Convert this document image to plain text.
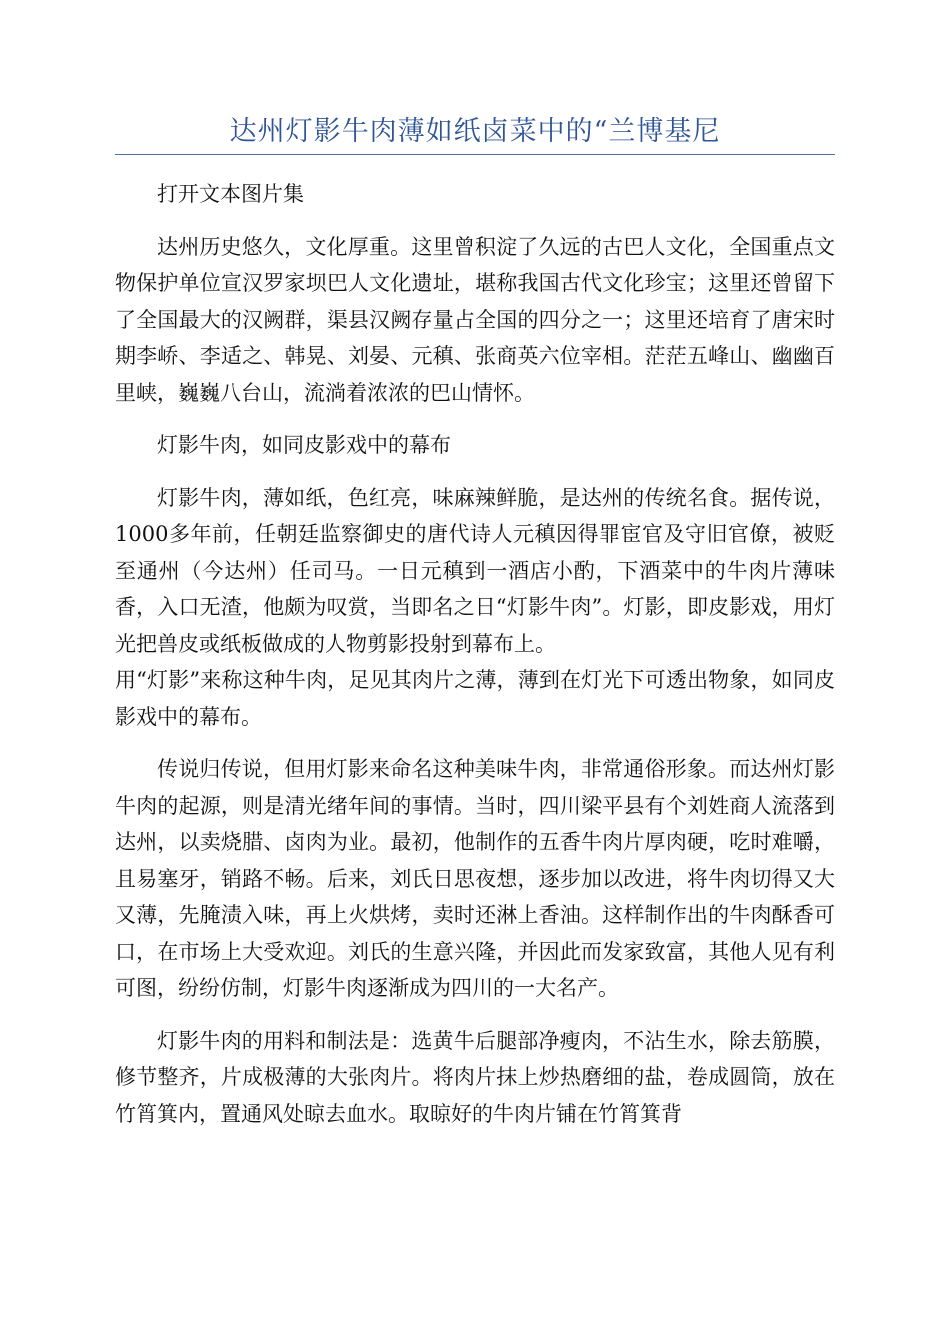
达州灯影牛肉薄如纸卤菜中的“兰博基尼

打开文本图片集

达州历史悠久，文化厚重。这里曾积淀了久远的古巴人文化，全国重点文物保护单位宣汉罗家坝巴人文化遗址，堪称我国古代文化珍宝；这里还曾留下了全国最大的汉阙群，渠县汉阙存量占全国的四分之一；这里还培育了唐宋时期李峤、李适之、韩晃、刘晏、元稹、张商英六位宰相。茫茫五峰山、幽幽百里峡，巍巍八台山，流淌着浓浓的巴山情怀。

灯影牛肉，如同皮影戏中的幕布

灯影牛肉，薄如纸，色红亮，味麻辣鲜脆，是达州的传统名食。据传说，1000多年前，任朝廷监察御史的唐代诗人元稹因得罪宦官及守旧官僚，被贬至通州（今达州）任司马。一日元稹到一酒店小酌，下酒菜中的牛肉片薄味香，入口无渣，他颇为叹赏，当即名之日“灯影牛肉”。灯影，即皮影戏，用灯光把兽皮或纸板做成的人物剪影投射到幕布上。

用“灯影”来称这种牛肉，足见其肉片之薄，薄到在灯光下可透出物象，如同皮影戏中的幕布。

传说归传说，但用灯影来命名这种美味牛肉，非常通俗形象。而达州灯影牛肉的起源，则是清光绪年间的事情。当时，四川梁平县有个刘姓商人流落到达州，以卖烧腊、卤肉为业。最初，他制作的五香牛肉片厚肉硬，吃时难嚼，且易塞牙，销路不畅。后来，刘氏日思夜想，逐步加以改进，将牛肉切得又大又薄，先腌渍入味，再上火烘烤，卖时还淋上香油。这样制作出的牛肉酥香可口，在市场上大受欢迎。刘氏的生意兴隆，并因此而发家致富，其他人见有利可图，纷纷仿制，灯影牛肉逐渐成为四川的一大名产。

灯影牛肉的用料和制法是：选黄牛后腿部净瘦肉，不沾生水，除去筋膜，修节整齐，片成极薄的大张肉片。将肉片抹上炒热磨细的盐，卷成圆筒，放在竹筲箕内，置通风处晾去血水。取晾好的牛肉片铺在竹筲箕背
